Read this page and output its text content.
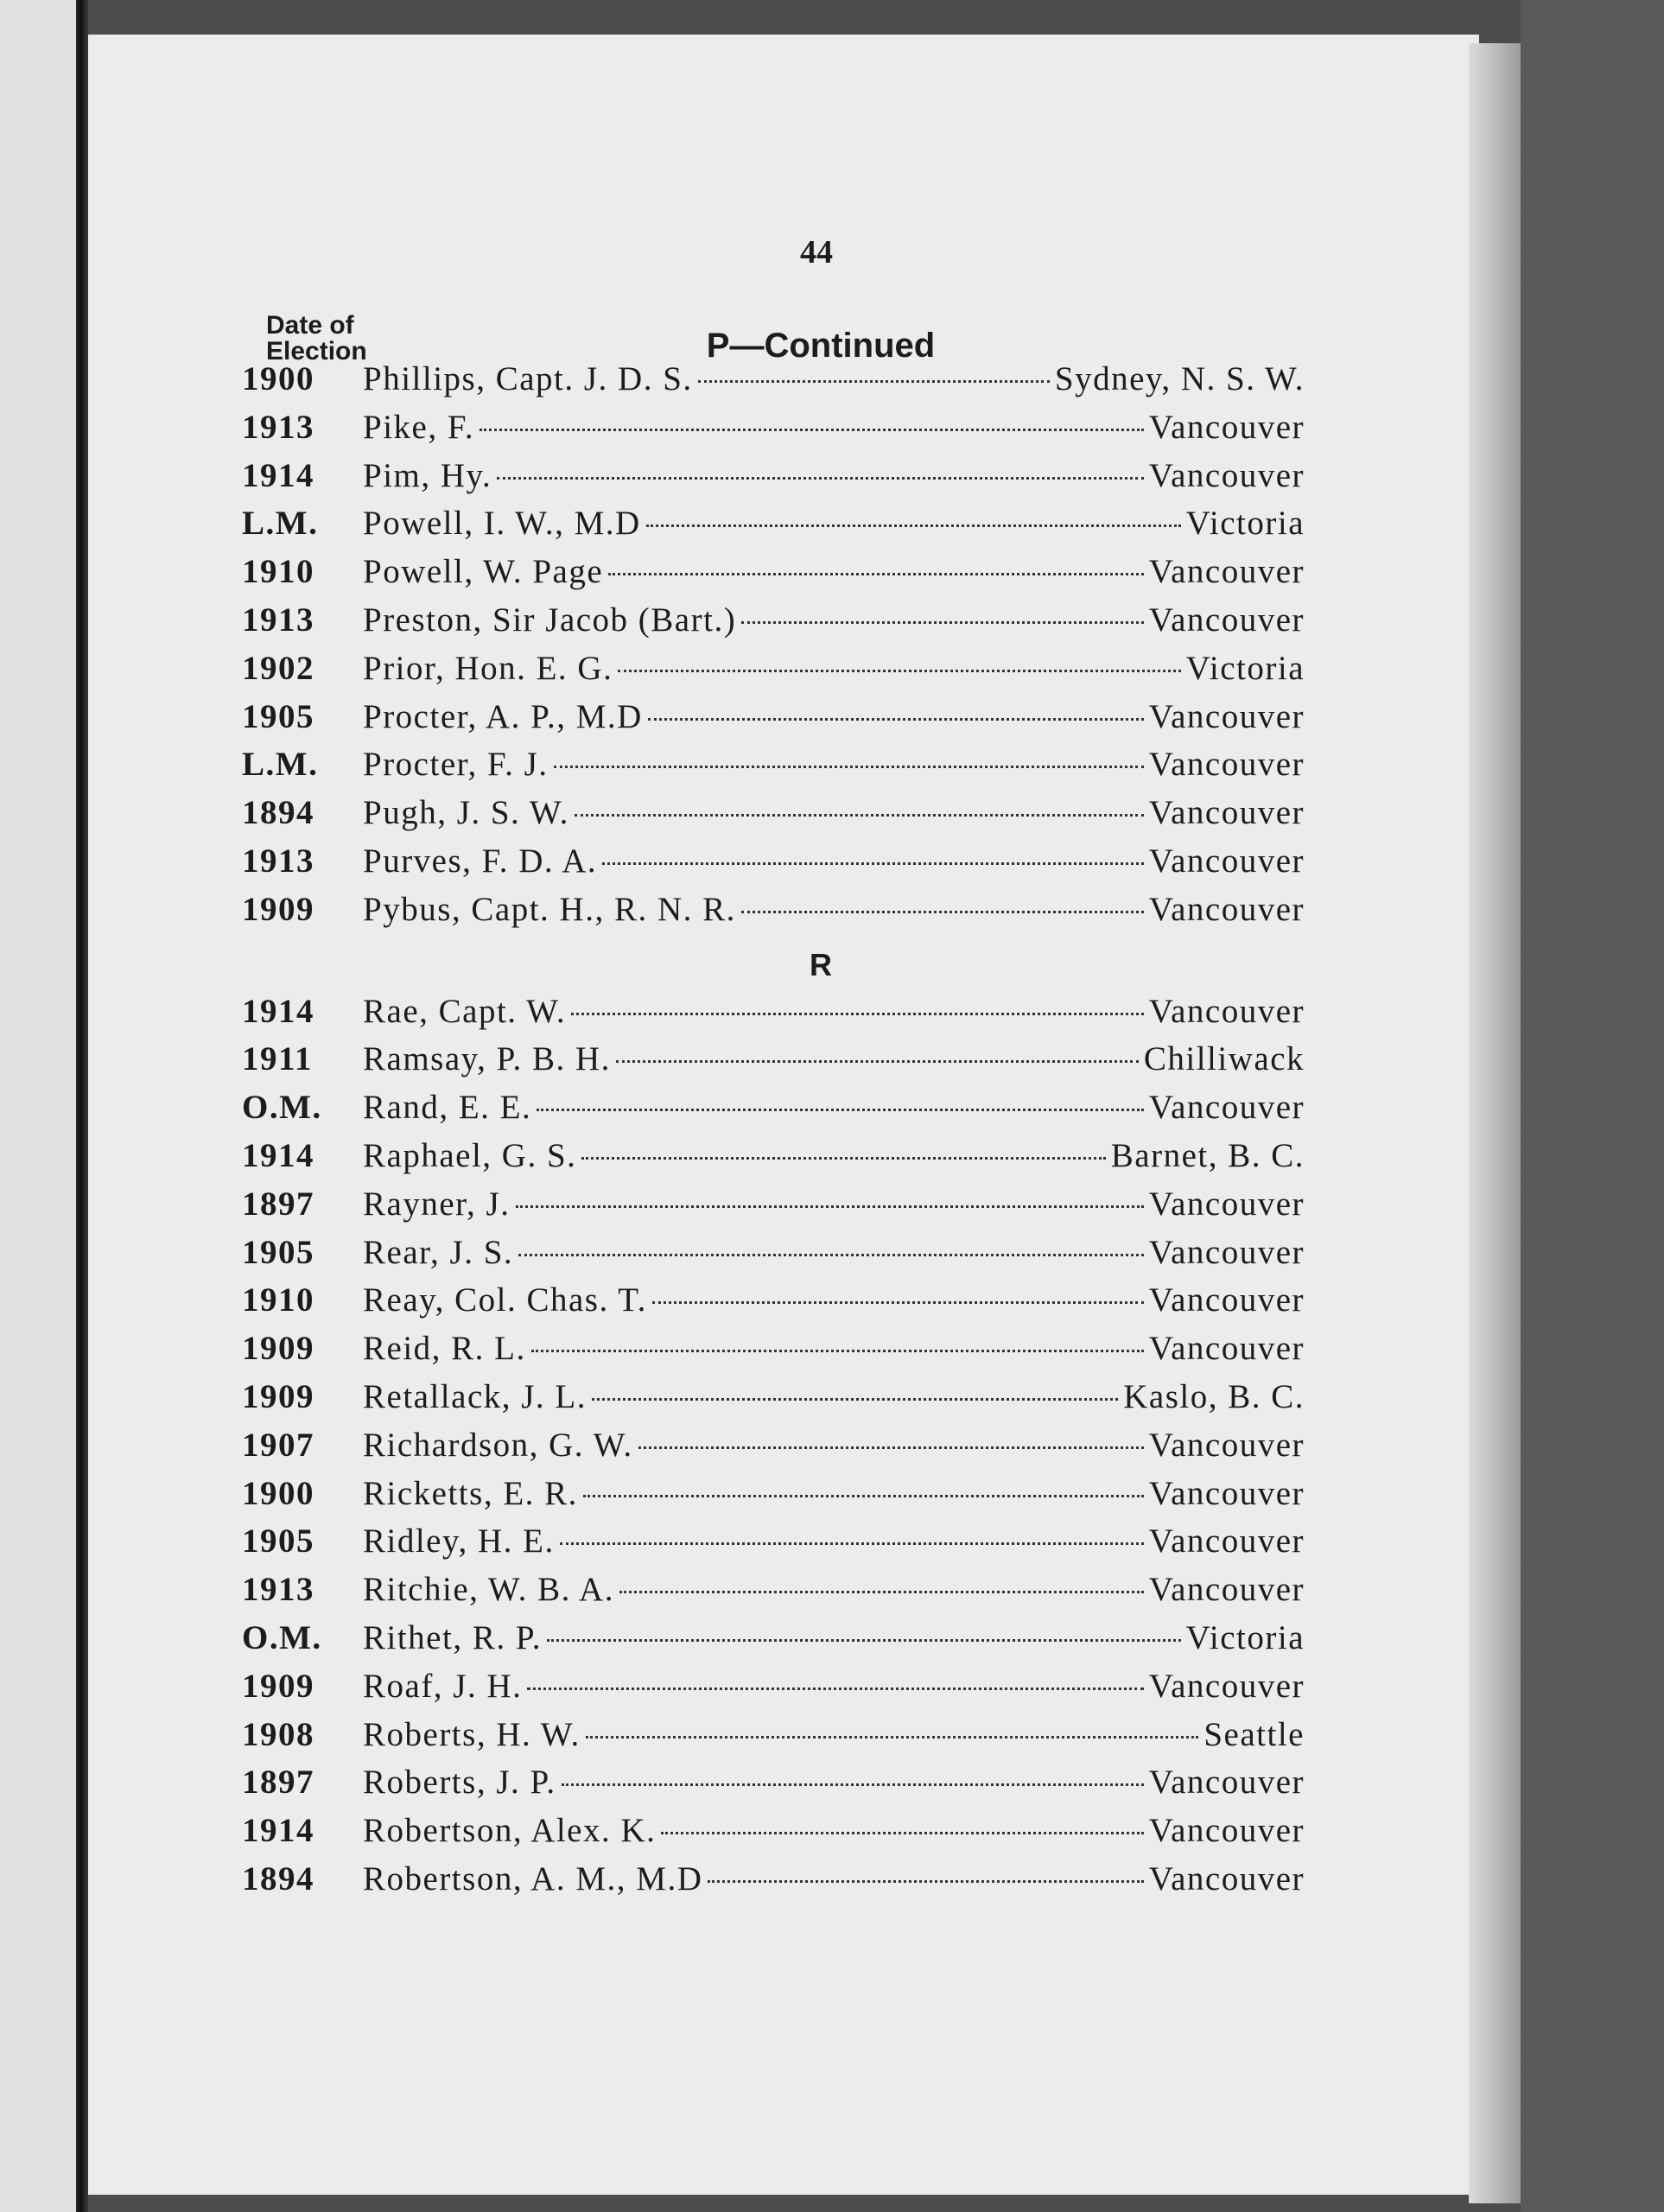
44
Date of
Election	P—Continued
1900	Phillips, Capt. J. D. S.	Sydney, N. S. W.
1913	Pike, F.	Vancouver
1914	Pim, Hy.	Vancouver
L.M.	Powell, I. W., M.D	Victoria
1910	Powell, W. Page	Vancouver
1913	Preston, Sir Jacob (Bart.)	Vancouver
1902	Prior, Hon. E. G.	Victoria
1905	Procter, A. P., M.D	Vancouver
L.M.	Procter, F. J.	Vancouver
1894	Pugh, J. S. W.	Vancouver
1913	Purves, F. D. A.	Vancouver
1909	Pybus, Capt. H., R. N. R.	Vancouver
R
1914	Rae, Capt. W.	Vancouver
1911	Ramsay, P. B. H.	Chilliwack
O.M.	Rand, E. E.	Vancouver
1914	Raphael, G. S.	Barnet, B. C.
1897	Rayner, J.	Vancouver
1905	Rear, J. S.	Vancouver
1910	Reay, Col. Chas. T.	Vancouver
1909	Reid, R. L.	Vancouver
1909	Retallack, J. L.	Kaslo, B. C.
1907	Richardson, G. W.	Vancouver
1900	Ricketts, E. R.	Vancouver
1905	Ridley, H. E.	Vancouver
1913	Ritchie, W. B. A.	Vancouver
O.M.	Rithet, R. P.	Victoria
1909	Roaf, J. H.	Vancouver
1908	Roberts, H. W.	Seattle
1897	Roberts, J. P.	Vancouver
1914	Robertson, Alex. K.	Vancouver
1894	Robertson, A. M., M.D	Vancouver
